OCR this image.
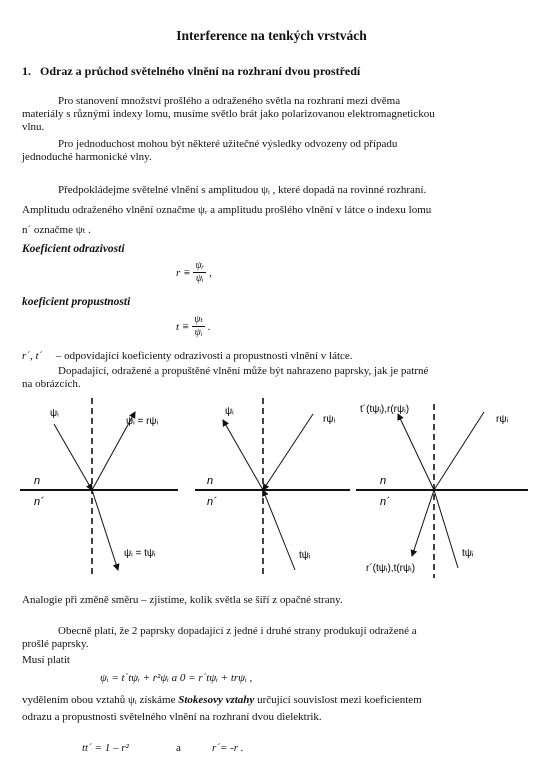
Interference na tenkých vrstvách
1. Odraz a průchod světelného vlnění na rozhraní dvou prostředí
Pro stanovení množství prošlého a odraženého světla na rozhraní mezi dvěma
materiály s různými indexy lomu, musíme světlo brát jako polarizovanou elektromagnetickou
vlnu.
Pro jednoduchost mohou být některé užitečné výsledky odvozeny od případu
jednoduché harmonické vlny.
Předpokládejme světelné vlnění s amplitudou ψᵢ , které dopadá na rovinné rozhraní.
Amplitudu odraženého vlnění označme ψᵣ a amplitudu prošlého vlnění v látce o indexu lomu
n´ označme ψₜ .
Koeficient odrazivosti
$r \equiv \frac{\text{ψᵣ}}{\text{ψᵢ}}$ ,
koeficient propustnosti
$t \equiv \frac{\text{ψₜ}}{\text{ψᵢ}}$ .
r´, t´ – odpovídající koeficienty odrazivosti a propustnosti vlnění v látce.
Dopadající, odražené a propuštěné vlnění může být nahrazeno paprsky, jak je patrné
na obrázcích.
ψᵢ
ψᵢ = rψᵢ
ψᵢ = tψᵢ
n
n´
ψᵢ
rψᵢ
tψᵢ
n
n´
t´(tψᵢ),r(rψᵢ)
rψᵢ
r´(tψᵢ),t(rψᵢ)
tψᵢ
n
n´
Analogie při změně směru – zjistíme, kolik světla se šíří z opačné strany.
Obecně platí, že 2 paprsky dopadající z jedné i druhé strany produkují odražené a
prošlé paprsky.
Musí platit
ψᵢ = t´tψᵢ + r²ψᵢ a 0 = r´tψᵢ + trψᵢ ,
vydělením obou vztahů ψᵢ získáme Stokesovy vztahy určující souvislost mezi koeficientem
odrazu a propustnosti světelného vlnění na rozhraní dvou dielektrik.
tt´ = 1 – r²	a	r´= -r .
